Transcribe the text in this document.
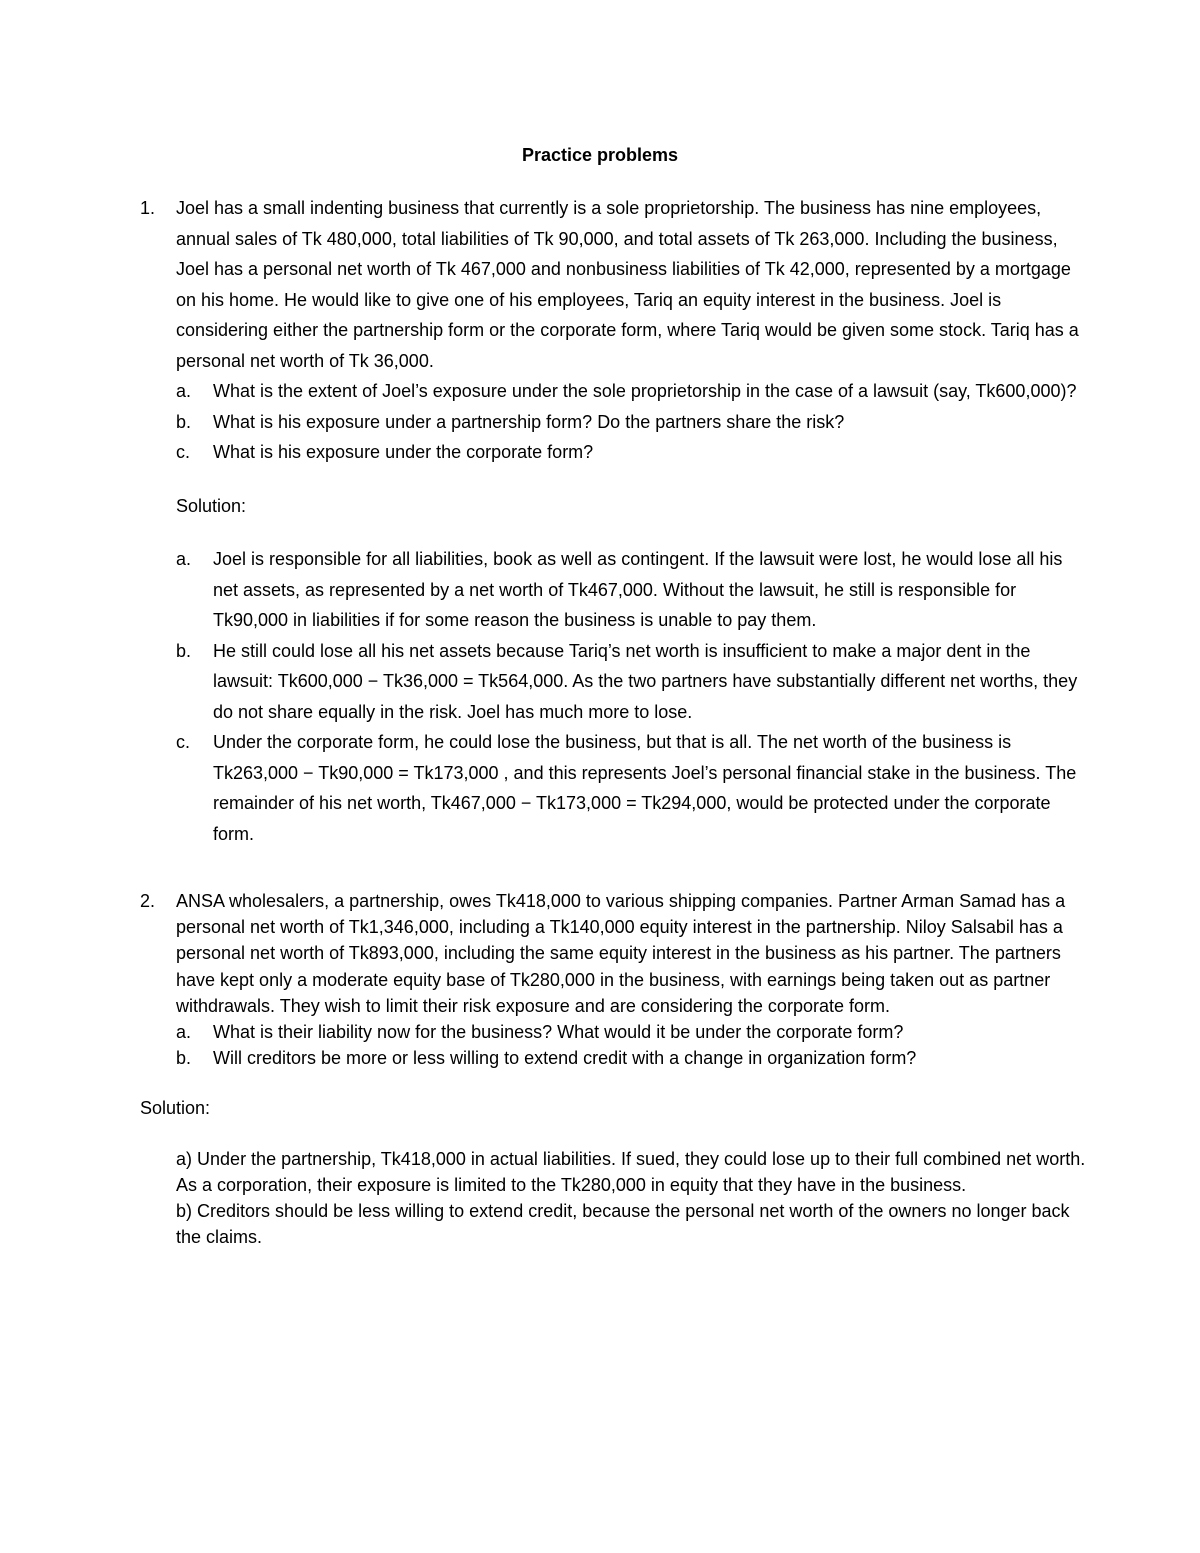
Practice problems
1.	Joel has a small indenting business that currently is a sole proprietorship. The business has nine employees, annual sales of Tk 480,000, total liabilities of Tk 90,000, and total assets of Tk 263,000. Including the business, Joel has a personal net worth of Tk 467,000 and nonbusiness liabilities of Tk 42,000, represented by a mortgage on his home. He would like to give one of his employees, Tariq an equity interest in the business. Joel is considering either the partnership form or the corporate form, where Tariq would be given some stock. Tariq has a personal net worth of Tk 36,000.
a.	What is the extent of Joel’s exposure under the sole proprietorship in the case of a lawsuit (say, Tk600,000)?
b.	What is his exposure under a partnership form? Do the partners share the risk?
c.	What is his exposure under the corporate form?
Solution:
a.	Joel is responsible for all liabilities, book as well as contingent. If the lawsuit were lost, he would lose all his net assets, as represented by a net worth of Tk467,000. Without the lawsuit, he still is responsible for Tk90,000 in liabilities if for some reason the business is unable to pay them.
b.	He still could lose all his net assets because Tariq’s net worth is insufficient to make a major dent in the lawsuit: Tk600,000 − Tk36,000 = Tk564,000. As the two partners have substantially different net worths, they do not share equally in the risk. Joel has much more to lose.
c.	Under the corporate form, he could lose the business, but that is all. The net worth of the business is Tk263,000 − Tk90,000 = Tk173,000 , and this represents Joel’s personal financial stake in the business. The remainder of his net worth, Tk467,000 − Tk173,000 = Tk294,000, would be protected under the corporate form.
2.	ANSA wholesalers, a partnership, owes Tk418,000 to various shipping companies. Partner Arman Samad has a personal net worth of Tk1,346,000, including a Tk140,000 equity interest in the partnership. Niloy Salsabil has a personal net worth of Tk893,000, including the same equity interest in the business as his partner. The partners have kept only a moderate equity base of Tk280,000 in the business, with earnings being taken out as partner withdrawals. They wish to limit their risk exposure and are considering the corporate form.
a.	What is their liability now for the business? What would it be under the corporate form?
b.	Will creditors be more or less willing to extend credit with a change in organization form?
Solution:
a) Under the partnership, Tk418,000 in actual liabilities. If sued, they could lose up to their full combined net worth. As a corporation, their exposure is limited to the Tk280,000 in equity that they have in the business.
b) Creditors should be less willing to extend credit, because the personal net worth of the owners no longer back the claims.
